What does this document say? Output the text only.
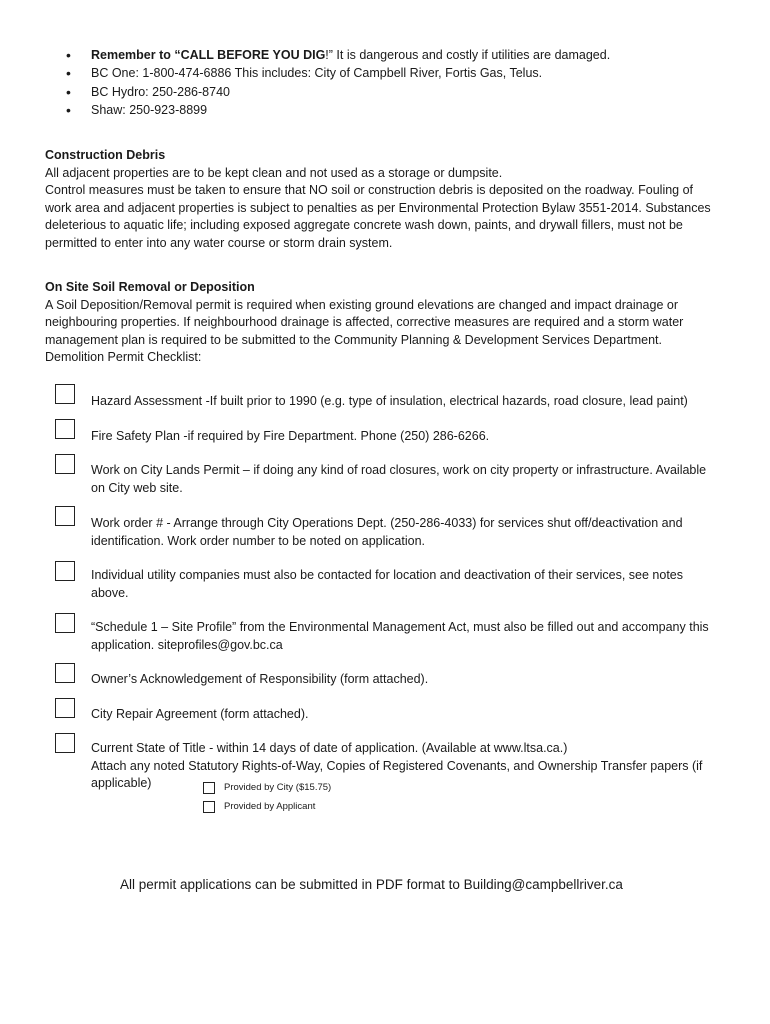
• Remember to “CALL BEFORE YOU DIG!” It is dangerous and costly if utilities are damaged.
• BC One: 1-800-474-6886 This includes: City of Campbell River, Fortis Gas, Telus.
• BC Hydro: 250-286-8740
• Shaw: 250-923-8899

Construction Debris

All adjacent properties are to be kept clean and not used as a storage or dumpsite.

Control measures must be taken to ensure that NO soil or construction debris is deposited on the roadway. Fouling of

work area and adjacent properties is subject to penalties as per Environmental Protection Bylaw 3551-2014. Substances

deleterious to aquatic life; including exposed aggregate concrete wash down, paints, and drywall fillers, must not be

permitted to enter into any water course or storm drain system.

On Site Soil Removal or Deposition

A Soil Deposition/Removal permit is required when existing ground elevations are changed and impact drainage or

neighbouring properties. If neighbourhood drainage is affected, corrective measures are required and a storm water

management plan is required to be submitted to the Community Planning & Development Services Department.

Demolition Permit Checklist:

Hazard Assessment -If built prior to 1990 (e.g. type of insulation, electrical hazards, road closure, lead paint)

Fire Safety Plan -if required by Fire Department. Phone (250) 286-6266.

Work on City Lands Permit – if doing any kind of road closures, work on city property or infrastructure. Available

on City web site.

Work order # - Arrange through City Operations Dept. (250-286-4033) for services shut off/deactivation and

identification. Work order number to be noted on application.

Individual utility companies must also be contacted for location and deactivation of their services, see notes

above.

“Schedule 1 – Site Profile” from the Environmental Management Act, must also be filled out and accompany this

application. siteprofiles@gov.bc.ca

Owner’s Acknowledgement of Responsibility (form attached).

City Repair Agreement (form attached).

Current State of Title - within 14 days of date of application. (Available at www.ltsa.ca.)

Attach any noted Statutory Rights-of-Way, Copies of Registered Covenants, and Ownership Transfer papers (if

applicable)	Provided by City ($15.75)
Provided by Applicant
All permit applications can be submitted in PDF format to Building@campbellriver.ca
